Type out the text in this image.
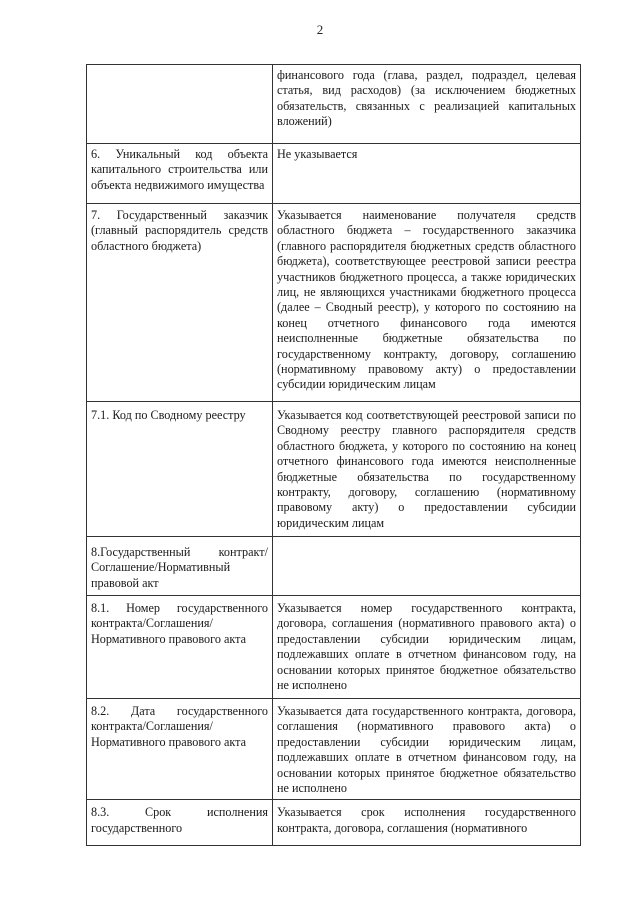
2

	финансового года (глава, раздел, подраздел, целевая статья, вид расходов) (за исключением бюджетных обязательств, связанных с реализацией капитальных вложений)

6. Уникальный код объекта капитального строительства или объекта недвижимого имущества	Не указывается

7. Государственный заказчик (главный распорядитель средств областного бюджета)	Указывается наименование получателя средств областного бюджета – государственного заказчика (главного распорядителя бюджетных средств областного бюджета), соответствующее реестровой записи реестра участников бюджетного процесса, а также юридических лиц, не являющихся участниками бюджетного процесса (далее – Сводный реестр), у которого по состоянию на конец отчетного финансового года имеются неисполненные бюджетные обязательства по государственному контракту, договору, соглашению (нормативному правовому акту) о предоставлении субсидии юридическим лицам

7.1. Код по Сводному реестру	Указывается код соответствующей реестровой записи по Сводному реестру главного распорядителя средств областного бюджета, у которого по состоянию на конец отчетного финансового года имеются неисполненные бюджетные обязательства по государственному контракту, договору, соглашению (нормативному правовому акту) о предоставлении субсидии юридическим лицам

8.Государственный контракт/Соглашение/Нормативный правовой акт	

8.1. Номер государственного контракта/Соглашения/Нормативного правового акта	Указывается номер государственного контракта, договора, соглашения (нормативного правового акта) о предоставлении субсидии юридическим лицам, подлежавших оплате в отчетном финансовом году, на основании которых принятое бюджетное обязательство не исполнено

8.2. Дата государственного контракта/Соглашения/Нормативного правового акта	Указывается дата государственного контракта, договора, соглашения (нормативного правового акта) о предоставлении субсидии юридическим лицам, подлежавших оплате в отчетном финансовом году, на основании которых принятое бюджетное обязательство не исполнено

8.3. Срок исполнения государственного	Указывается срок исполнения государственного контракта, договора, соглашения (нормативного
